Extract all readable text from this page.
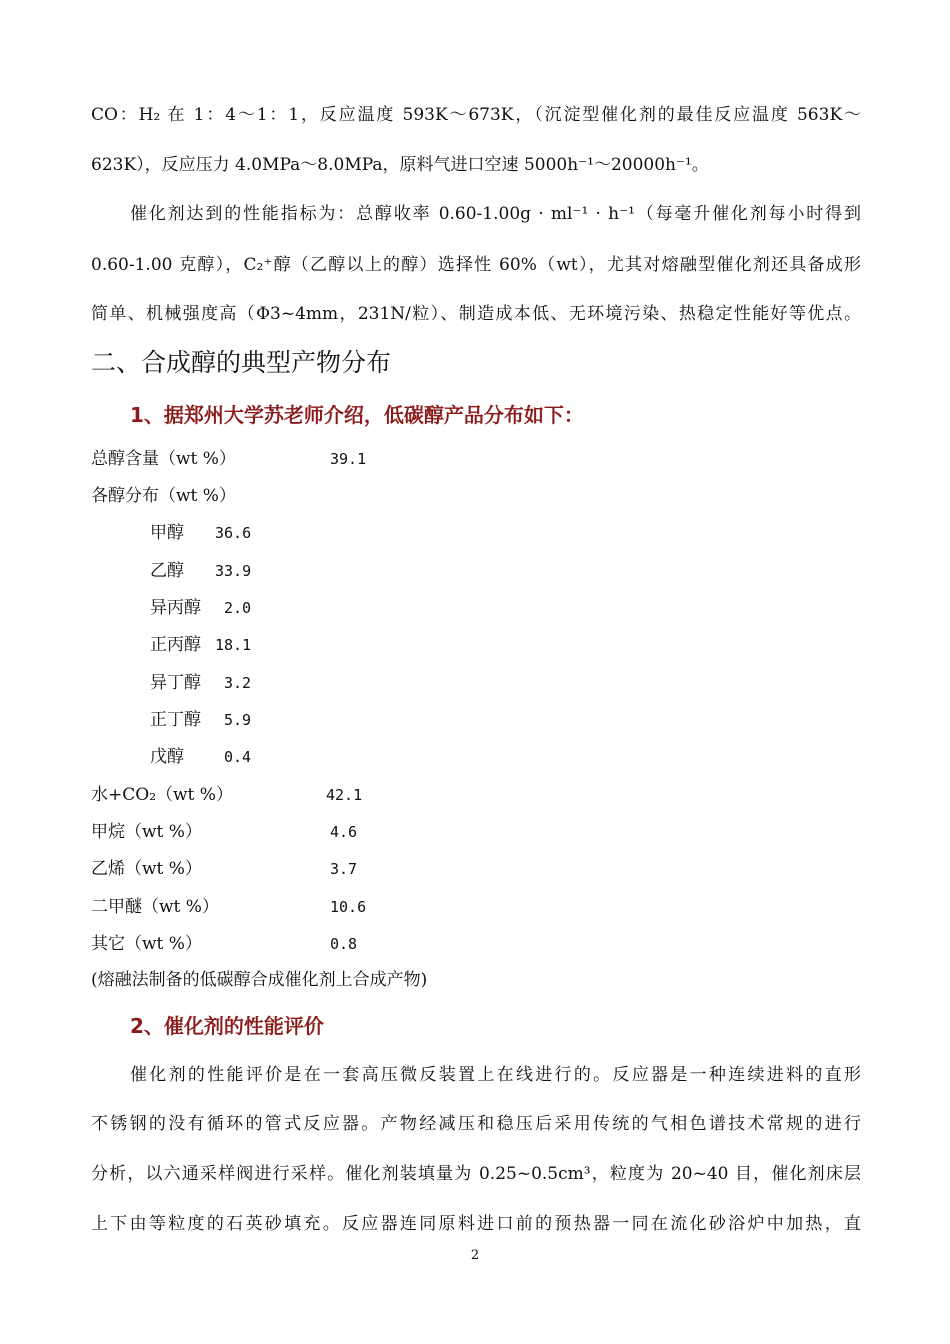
CO：H₂ 在 1：4～1：1，反应温度 593K～673K，（沉淀型催化剂的最佳反应温度 563K～
623K），反应压力 4.0MPa～8.0MPa，原料气进口空速 5000h⁻¹～20000h⁻¹。
催化剂达到的性能指标为：总醇收率 0.60-1.00g · ml⁻¹ · h⁻¹（每毫升催化剂每小时得到
0.60-1.00 克醇），C₂⁺醇（乙醇以上的醇）选择性 60%（wt），尤其对熔融型催化剂还具备成形
简单、机械强度高（Φ3~4mm，231N/粒）、制造成本低、无环境污染、热稳定性能好等优点。
二、合成醇的典型产物分布
1、据郑州大学苏老师介绍，低碳醇产品分布如下：
总醇含量（wt %）	39.1
各醇分布（wt %）
甲醇 36.6
乙醇 33.9
异丙醇 2.0
正丙醇 18.1
异丁醇 3.2
正丁醇 5.9
戊醇	0.4
水+CO₂（wt %）	42.1
甲烷（wt %）	4.6
乙烯（wt %）	3.7
二甲醚（wt %）	10.6
其它（wt %）	0.8
(熔融法制备的低碳醇合成催化剂上合成产物)
2、催化剂的性能评价
催化剂的性能评价是在一套高压微反装置上在线进行的。反应器是一种连续进料的直形
不锈钢的没有循环的管式反应器。产物经减压和稳压后采用传统的气相色谱技术常规的进行
分析，以六通采样阀进行采样。催化剂装填量为 0.25~0.5cm³，粒度为 20~40 目，催化剂床层
上下由等粒度的石英砂填充。反应器连同原料进口前的预热器一同在流化砂浴炉中加热，直
2
